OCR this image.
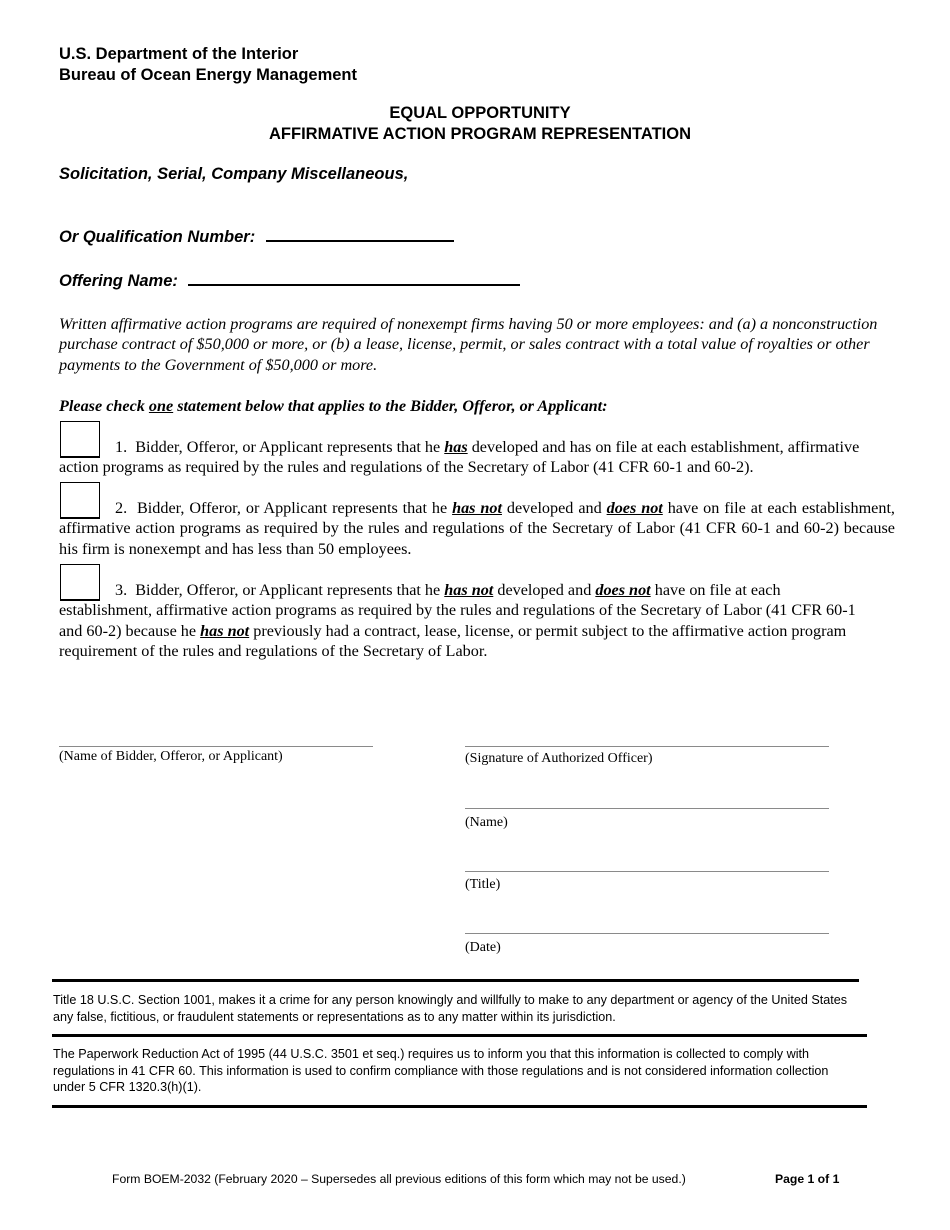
U.S. Department of the Interior
Bureau of Ocean Energy Management
EQUAL OPPORTUNITY
AFFIRMATIVE ACTION PROGRAM REPRESENTATION
Solicitation, Serial, Company Miscellaneous,
Or Qualification Number:
Offering Name:
Written affirmative action programs are required of nonexempt firms having 50 or more employees: and (a) a nonconstruction purchase contract of $50,000 or more, or (b) a lease, license, permit, or sales contract with a total value of royalties or other payments to the Government of $50,000 or more.
Please check one statement below that applies to the Bidder, Offeror, or Applicant:
1. Bidder, Offeror, or Applicant represents that he has developed and has on file at each establishment, affirmative action programs as required by the rules and regulations of the Secretary of Labor (41 CFR 60-1 and 60-2).
2. Bidder, Offeror, or Applicant represents that he has not developed and does not have on file at each establishment, affirmative action programs as required by the rules and regulations of the Secretary of Labor (41 CFR 60-1 and 60-2) because his firm is nonexempt and has less than 50 employees.
3. Bidder, Offeror, or Applicant represents that he has not developed and does not have on file at each establishment, affirmative action programs as required by the rules and regulations of the Secretary of Labor (41 CFR 60-1 and 60-2) because he has not previously had a contract, lease, license, or permit subject to the affirmative action program requirement of the rules and regulations of the Secretary of Labor.
(Name of Bidder, Offeror, or Applicant)	(Signature of Authorized Officer)
(Name)
(Title)
(Date)
Title 18 U.S.C. Section 1001, makes it a crime for any person knowingly and willfully to make to any department or agency of the United States any false, fictitious, or fraudulent statements or representations as to any matter within its jurisdiction.
The Paperwork Reduction Act of 1995 (44 U.S.C. 3501 et seq.) requires us to inform you that this information is collected to comply with regulations in 41 CFR 60. This information is used to confirm compliance with those regulations and is not considered information collection under 5 CFR 1320.3(h)(1).
Form BOEM-2032 (February 2020 – Supersedes all previous editions of this form which may not be used.)	Page 1 of 1
